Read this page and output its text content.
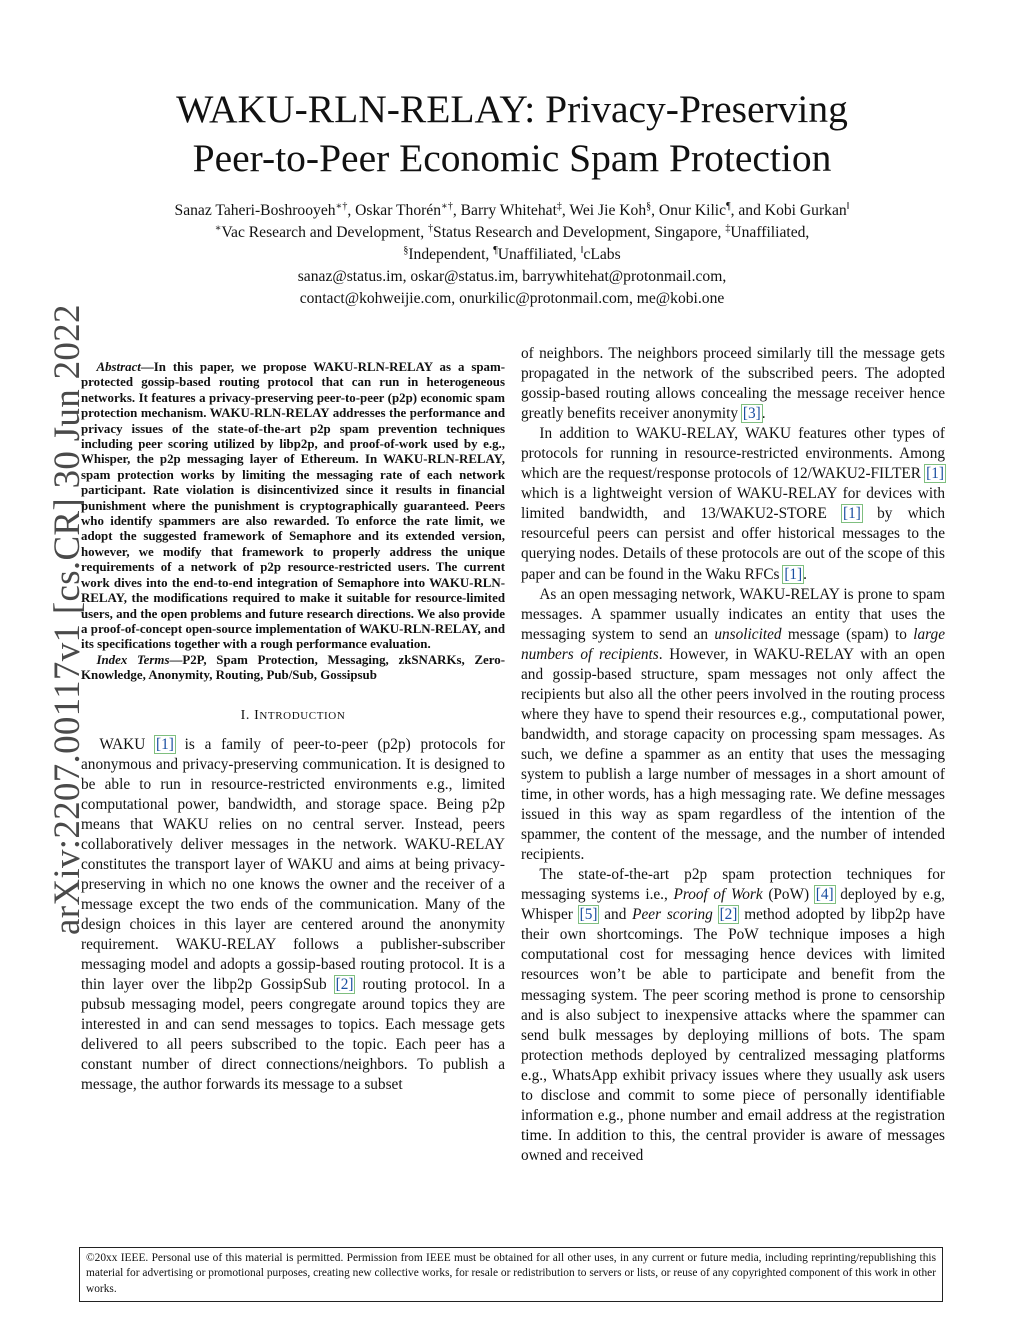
arXiv:2207.00117v1 [cs.CR] 30 Jun 2022
WAKU-RLN-RELAY: Privacy-Preserving
Peer-to-Peer Economic Spam Protection
Sanaz Taheri-Boshrooyeh∗†, Oskar Thorén∗†, Barry Whitehat‡, Wei Jie Koh§, Onur Kilic¶, and Kobi Gurkan‖
∗Vac Research and Development, †Status Research and Development, Singapore, ‡Unaffiliated,
§Independent, ¶Unaffiliated, ‖cLabs
sanaz@status.im, oskar@status.im, barrywhitehat@protonmail.com,
contact@kohweijie.com, onurkilic@protonmail.com, me@kobi.one

Abstract—In this paper, we propose WAKU-RLN-RELAY as a spam-protected gossip-based routing protocol that can run in heterogeneous networks. It features a privacy-preserving peer-to-peer (p2p) economic spam protection mechanism. WAKU-RLN-RELAY addresses the performance and privacy issues of the state-of-the-art p2p spam prevention techniques including peer scoring utilized by libp2p, and proof-of-work used by e.g., Whisper, the p2p messaging layer of Ethereum. In WAKU-RLN-RELAY, spam protection works by limiting the messaging rate of each network participant. Rate violation is disincentivized since it results in financial punishment where the punishment is cryptographically guaranteed. Peers who identify spammers are also rewarded. To enforce the rate limit, we adopt the suggested framework of Semaphore and its extended version, however, we modify that framework to properly address the unique requirements of a network of p2p resource-restricted users. The current work dives into the end-to-end integration of Semaphore into WAKU-RLN-RELAY, the modifications required to make it suitable for resource-limited users, and the open problems and future research directions. We also provide a proof-of-concept open-source implementation of WAKU-RLN-RELAY, and its specifications together with a rough performance evaluation.

Index Terms—P2P, Spam Protection, Messaging, zkSNARKs, Zero-Knowledge, Anonymity, Routing, Pub/Sub, Gossipsub

I. INTRODUCTION

WAKU [1] is a family of peer-to-peer (p2p) protocols for anonymous and privacy-preserving communication. It is designed to be able to run in resource-restricted environments e.g., limited computational power, bandwidth, and storage space. Being p2p means that WAKU relies on no central server. Instead, peers collaboratively deliver messages in the network. WAKU-RELAY constitutes the transport layer of WAKU and aims at being privacy-preserving in which no one knows the owner and the receiver of a message except the two ends of the communication. Many of the design choices in this layer are centered around the anonymity requirement. WAKU-RELAY follows a publisher-subscriber messaging model and adopts a gossip-based routing protocol. It is a thin layer over the libp2p GossipSub [2] routing protocol. In a pubsub messaging model, peers congregate around topics they are interested in and can send messages to topics. Each message gets delivered to all peers subscribed to the topic. Each peer has a constant number of direct connections/neighbors. To publish a message, the author forwards its message to a subset

of neighbors. The neighbors proceed similarly till the message gets propagated in the network of the subscribed peers. The adopted gossip-based routing allows concealing the message receiver hence greatly benefits receiver anonymity [3].

In addition to WAKU-RELAY, WAKU features other types of protocols for running in resource-restricted environments. Among which are the request/response protocols of 12/WAKU2-FILTER [1] which is a lightweight version of WAKU-RELAY for devices with limited bandwidth, and 13/WAKU2-STORE [1] by which resourceful peers can persist and offer historical messages to the querying nodes. Details of these protocols are out of the scope of this paper and can be found in the Waku RFCs [1].

As an open messaging network, WAKU-RELAY is prone to spam messages. A spammer usually indicates an entity that uses the messaging system to send an unsolicited message (spam) to large numbers of recipients. However, in WAKU-RELAY with an open and gossip-based structure, spam messages not only affect the recipients but also all the other peers involved in the routing process where they have to spend their resources e.g., computational power, bandwidth, and storage capacity on processing spam messages. As such, we define a spammer as an entity that uses the messaging system to publish a large number of messages in a short amount of time, in other words, has a high messaging rate. We define messages issued in this way as spam regardless of the intention of the spammer, the content of the message, and the number of intended recipients.

The state-of-the-art p2p spam protection techniques for messaging systems i.e., Proof of Work (PoW) [4] deployed by e.g, Whisper [5] and Peer scoring [2] method adopted by libp2p have their own shortcomings. The PoW technique imposes a high computational cost for messaging hence devices with limited resources won’t be able to participate and benefit from the messaging system. The peer scoring method is prone to censorship and is also subject to inexpensive attacks where the spammer can send bulk messages by deploying millions of bots. The spam protection methods deployed by centralized messaging platforms e.g., WhatsApp exhibit privacy issues where they usually ask users to disclose and commit to some piece of personally identifiable information e.g., phone number and email address at the registration time. In addition to this, the central provider is aware of messages owned and received

©20xx IEEE. Personal use of this material is permitted. Permission from IEEE must be obtained for all other uses, in any current or future media, including reprinting/republishing this material for advertising or promotional purposes, creating new collective works, for resale or redistribution to servers or lists, or reuse of any copyrighted component of this work in other works.
